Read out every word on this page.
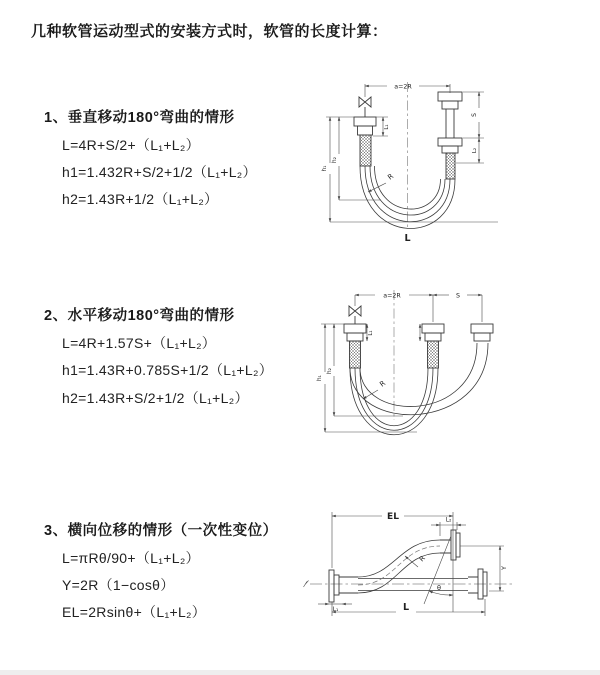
几种软管运动型式的安装方式时，软管的长度计算：
1、垂直移动180°弯曲的情形
L=4R+S/2+（L₁+L₂）
h1=1.432R+S/2+1/2（L₁+L₂）
h2=1.43R+1/2（L₁+L₂）
2、水平移动180°弯曲的情形
L=4R+1.57S+（L₁+L₂）
h1=1.43R+0.785S+1/2（L₁+L₂）
h2=1.43R+S/2+1/2（L₁+L₂）
3、横向位移的情形（一次性变位）
L=πRθ/90+（L₁+L₂）
Y=2R（1−cosθ）
EL=2Rsinθ+（L₁+L₂）
a=2R
h₁
h₂
L₁
S
L₂
R
L
a=2R	S
h₁
h₂
L₁
R
EL	L₂
Y
L
L₁
R
θ
